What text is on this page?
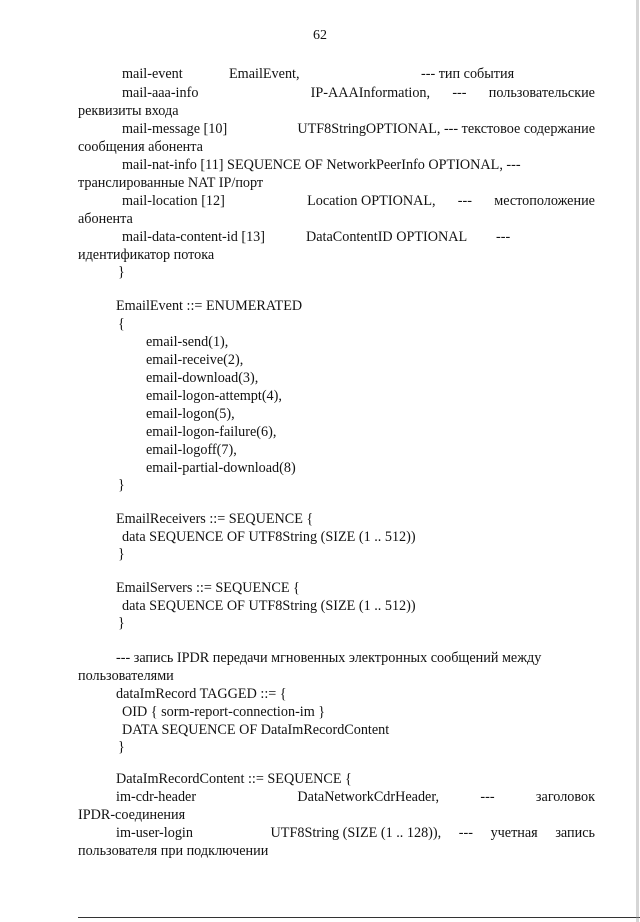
62
mail-event	EmailEvent,	--- тип события
mail-aaa-info	IP-AAAInformation, --- пользовательские
реквизиты входа
mail-message [10]	UTF8StringOPTIONAL, --- текстовое содержание
сообщения абонента
mail-nat-info [11] SEQUENCE OF NetworkPeerInfo OPTIONAL, ---
транслированные NAT IP/порт
mail-location [12]	Location OPTIONAL, --- местоположение
абонента
mail-data-content-id [13]	DataContentID OPTIONAL ---
идентификатор потока
}
EmailEvent ::= ENUMERATED
{
email-send(1),
email-receive(2),
email-download(3),
email-logon-attempt(4),
email-logon(5),
email-logon-failure(6),
email-logoff(7),
email-partial-download(8)
}
EmailReceivers ::= SEQUENCE {
data SEQUENCE OF UTF8String (SIZE (1 .. 512))
}
EmailServers ::= SEQUENCE {
data SEQUENCE OF UTF8String (SIZE (1 .. 512))
}
--- запись IPDR передачи мгновенных электронных сообщений между
пользователями
dataImRecord TAGGED ::= {
OID { sorm-report-connection-im }
DATA SEQUENCE OF DataImRecordContent
}
DataImRecordContent ::= SEQUENCE {
im-cdr-header	DataNetworkCdrHeader,	---	заголовок
IPDR-соединения
im-user-login	UTF8String (SIZE (1 .. 128)), --- учетная запись
пользователя при подключении
